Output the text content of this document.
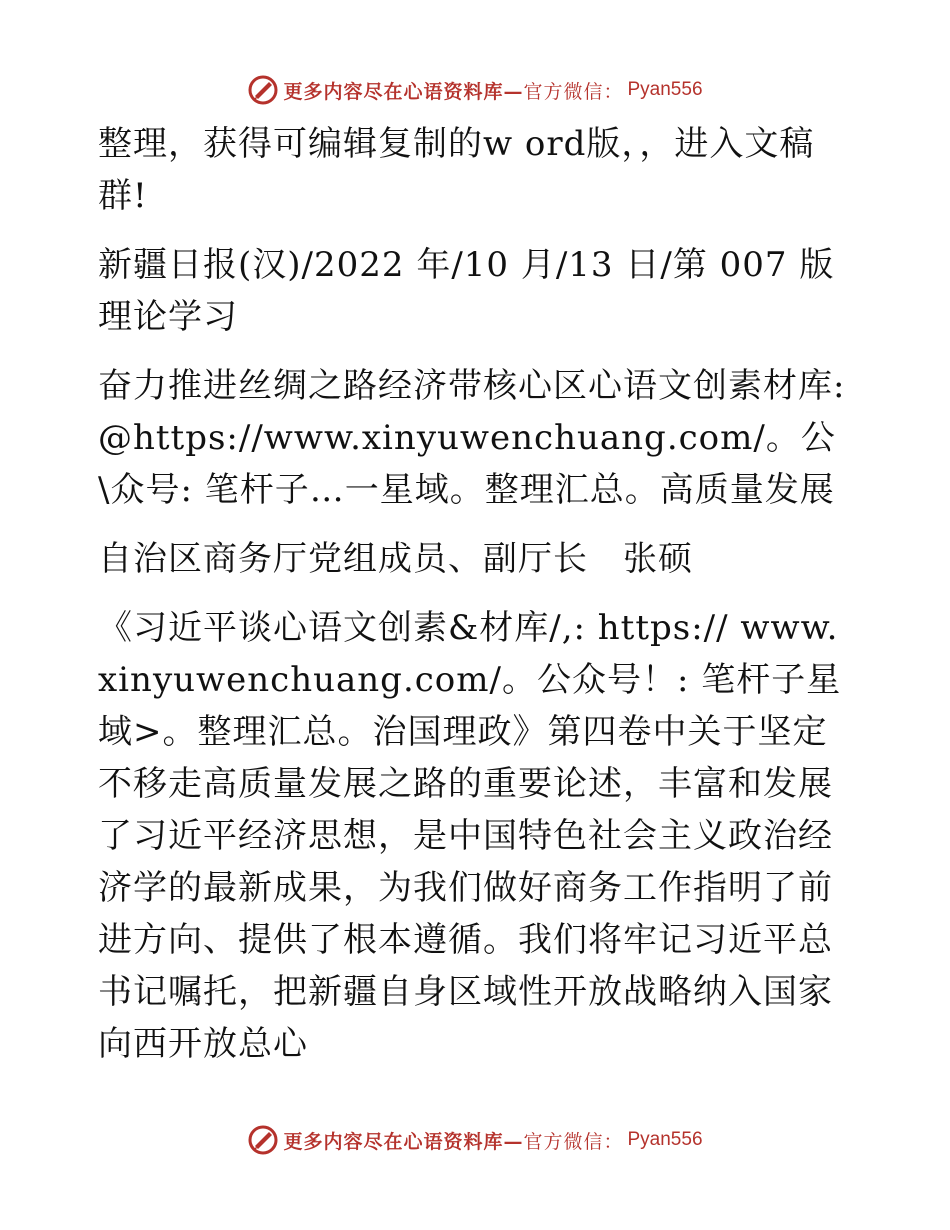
更多内容尽在心语资料库— 官方微信： Pyan556

整理，获得可编辑复制的w ord版，，进入文稿群!

新疆日报(汉)/2022 年/10 月/13 日/第 007 版理论学习

奋力推进丝绸之路经济带核心区心语文创素材库: @https://www.xinyuwenchuang.com/。公\众号: 笔杆子…一星域。整理汇总。高质量发展

自治区商务厅党组成员、副厅长　张硕

《习近平谈心语文创素&材库/,: https:// www.xinyuwenchuang.com/。公众号！: 笔杆子星域>。整理汇总。治国理政》第四卷中关于坚定不移走高质量发展之路的重要论述，丰富和发展了习近平经济思想，是中国特色社会主义政治经济学的最新成果，为我们做好商务工作指明了前进方向、提供了根本遵循。我们将牢记习近平总书记嘱托，把新疆自身区域性开放战略纳入国家向西开放总心

更多内容尽在心语资料库— 官方微信： Pyan556
